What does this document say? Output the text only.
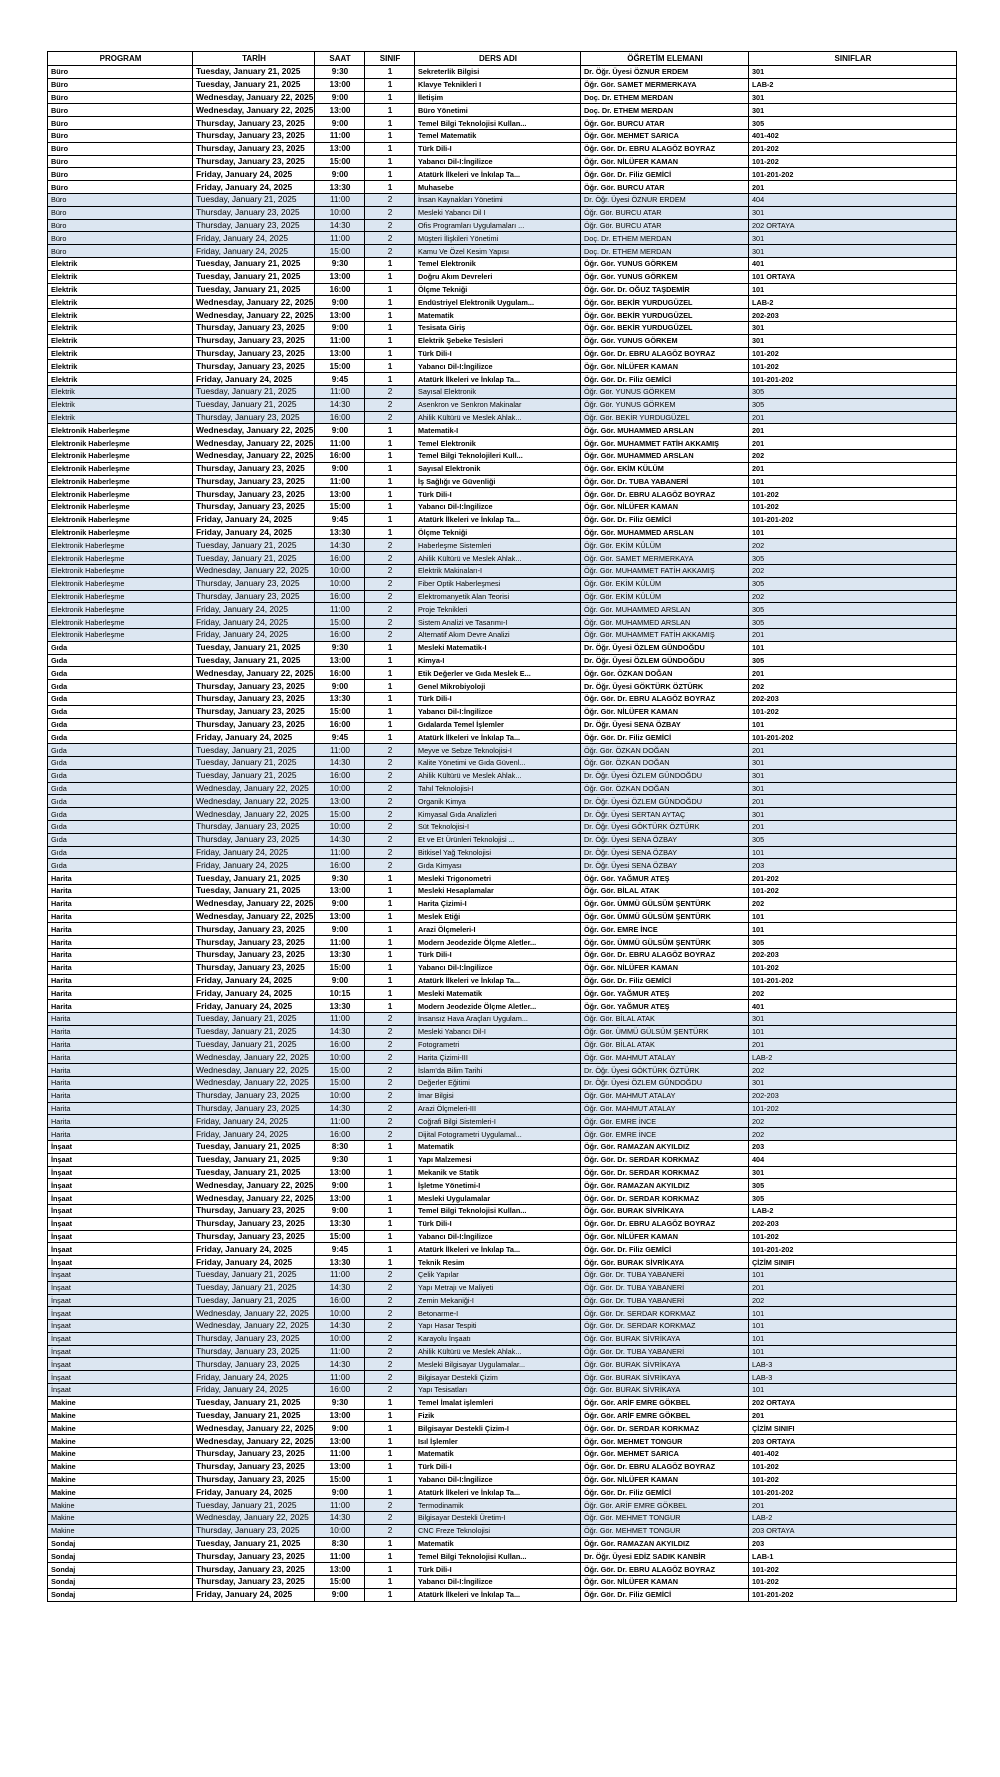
PROGRAM	TARİH	SAAT	SINIF	DERS ADI	ÖĞRETİM ELEMANI	SINIFLAR
Büro	Tuesday, January 21, 2025	9:30	1	Sekreterlik Bilgisi	Dr. Öğr. Üyesi ÖZNUR ERDEM	301
Büro	Tuesday, January 21, 2025	13:00	1	Klavye Teknikleri I	Öğr. Gör. SAMET MERMERKAYA	LAB-2
Büro	Wednesday, January 22, 2025	9:00	1	İletişim	Doç. Dr. ETHEM MERDAN	301
Büro	Wednesday, January 22, 2025	13:00	1	Büro Yönetimi	Doç. Dr. ETHEM MERDAN	301
Büro	Thursday, January 23, 2025	9:00	1	Temel Bilgi Teknolojisi Kullan...	Öğr. Gör. BURCU ATAR	305
Büro	Thursday, January 23, 2025	11:00	1	Temel Matematik	Öğr. Gör. MEHMET SARICA	401-402
Büro	Thursday, January 23, 2025	13:00	1	Türk Dili-I	Öğr. Gör. Dr. EBRU ALAGÖZ BOYRAZ	201-202
Büro	Thursday, January 23, 2025	15:00	1	Yabancı Dil-I:İngilizce	Öğr. Gör. NİLÜFER KAMAN	101-202
Büro	Friday, January 24, 2025	9:00	1	Atatürk İlkeleri ve İnkılap Ta...	Öğr. Gör. Dr. Filiz GEMİCİ	101-201-202
Büro	Friday, January 24, 2025	13:30	1	Muhasebe	Öğr. Gör. BURCU ATAR	201
Büro	Tuesday, January 21, 2025	11:00	2	İnsan Kaynakları Yönetimi	Dr. Öğr. Üyesi ÖZNUR ERDEM	404
Büro	Thursday, January 23, 2025	10:00	2	Mesleki Yabancı Dil I	Öğr. Gör. BURCU ATAR	301
Büro	Thursday, January 23, 2025	14:30	2	Ofis Programları Uygulamaları ...	Öğr. Gör. BURCU ATAR	202 ORTAYA
Büro	Friday, January 24, 2025	11:00	2	Müşteri İlişkileri Yönetimi	Doç. Dr. ETHEM MERDAN	301
Büro	Friday, January 24, 2025	15:00	2	Kamu Ve Özel Kesim Yapısı	Doç. Dr. ETHEM MERDAN	301
Elektrik	Tuesday, January 21, 2025	9:30	1	Temel Elektronik	Öğr. Gör. YUNUS GÖRKEM	401
Elektrik	Tuesday, January 21, 2025	13:00	1	Doğru Akım Devreleri	Öğr. Gör. YUNUS GÖRKEM	101 ORTAYA
Elektrik	Tuesday, January 21, 2025	16:00	1	Ölçme Tekniği	Öğr. Gör. Dr. OĞUZ TAŞDEMİR	101
Elektrik	Wednesday, January 22, 2025	9:00	1	Endüstriyel Elektronik Uygulam...	Öğr. Gör. BEKİR YURDUGÜZEL	LAB-2
Elektrik	Wednesday, January 22, 2025	13:00	1	Matematik	Öğr. Gör. BEKİR YURDUGÜZEL	202-203
Elektrik	Thursday, January 23, 2025	9:00	1	Tesisata Giriş	Öğr. Gör. BEKİR YURDUGÜZEL	301
Elektrik	Thursday, January 23, 2025	11:00	1	Elektrik Şebeke Tesisleri	Öğr. Gör. YUNUS GÖRKEM	301
Elektrik	Thursday, January 23, 2025	13:00	1	Türk Dili-I	Öğr. Gör. Dr. EBRU ALAGÖZ BOYRAZ	101-202
Elektrik	Thursday, January 23, 2025	15:00	1	Yabancı Dil-I:İngilizce	Öğr. Gör. NİLÜFER KAMAN	101-202
Elektrik	Friday, January 24, 2025	9:45	1	Atatürk İlkeleri ve İnkılap Ta...	Öğr. Gör. Dr. Filiz GEMİCİ	101-201-202
Elektrik	Tuesday, January 21, 2025	11:00	2	Sayısal Elektronik	Öğr. Gör. YUNUS GÖRKEM	305
Elektrik	Tuesday, January 21, 2025	14:30	2	Asenkron ve Senkron Makinalar	Öğr. Gör. YUNUS GÖRKEM	305
Elektrik	Thursday, January 23, 2025	16:00	2	Ahilik Kültürü ve Meslek Ahlak...	Öğr. Gör. BEKİR YURDUGÜZEL	201
Elektronik Haberleşme	Wednesday, January 22, 2025	9:00	1	Matematik-I	Öğr. Gör. MUHAMMED ARSLAN	201
Elektronik Haberleşme	Wednesday, January 22, 2025	11:00	1	Temel Elektronik	Öğr. Gör. MUHAMMET FATİH AKKAMIŞ	201
Elektronik Haberleşme	Wednesday, January 22, 2025	16:00	1	Temel Bilgi Teknolojileri Kull...	Öğr. Gör. MUHAMMED ARSLAN	202
Elektronik Haberleşme	Thursday, January 23, 2025	9:00	1	Sayısal Elektronik	Öğr. Gör. EKİM KÜLÜM	201
Elektronik Haberleşme	Thursday, January 23, 2025	11:00	1	İş Sağlığı ve Güvenliği	Öğr. Gör. Dr. TUBA YABANERİ	101
Elektronik Haberleşme	Thursday, January 23, 2025	13:00	1	Türk Dili-I	Öğr. Gör. Dr. EBRU ALAGÖZ BOYRAZ	101-202
Elektronik Haberleşme	Thursday, January 23, 2025	15:00	1	Yabancı Dil-I:İngilizce	Öğr. Gör. NİLÜFER KAMAN	101-202
Elektronik Haberleşme	Friday, January 24, 2025	9:45	1	Atatürk İlkeleri ve İnkılap Ta...	Öğr. Gör. Dr. Filiz GEMİCİ	101-201-202
Elektronik Haberleşme	Friday, January 24, 2025	13:30	1	Ölçme Tekniği	Öğr. Gör. MUHAMMED ARSLAN	101
Elektronik Haberleşme	Tuesday, January 21, 2025	14:30	2	Haberleşme Sistemleri	Öğr. Gör. EKİM KÜLÜM	202
Elektronik Haberleşme	Tuesday, January 21, 2025	16:00	2	Ahilik Kültürü ve Meslek Ahlak...	Öğr. Gör. SAMET MERMERKAYA	305
Elektronik Haberleşme	Wednesday, January 22, 2025	10:00	2	Elektrik Makinaları-I	Öğr. Gör. MUHAMMET FATİH AKKAMIŞ	202
Elektronik Haberleşme	Thursday, January 23, 2025	10:00	2	Fiber Optik Haberleşmesi	Öğr. Gör. EKİM KÜLÜM	305
Elektronik Haberleşme	Thursday, January 23, 2025	16:00	2	Elektromanyetik Alan Teorisi	Öğr. Gör. EKİM KÜLÜM	202
Elektronik Haberleşme	Friday, January 24, 2025	11:00	2	Proje Teknikleri	Öğr. Gör. MUHAMMED ARSLAN	305
Elektronik Haberleşme	Friday, January 24, 2025	15:00	2	Sistem Analizi ve Tasarımı-I	Öğr. Gör. MUHAMMED ARSLAN	305
Elektronik Haberleşme	Friday, January 24, 2025	16:00	2	Alternatif Akım Devre Analizi	Öğr. Gör. MUHAMMET FATİH AKKAMIŞ	201
Gıda	Tuesday, January 21, 2025	9:30	1	Mesleki Matematik-I	Dr. Öğr. Üyesi ÖZLEM GÜNDOĞDU	101
Gıda	Tuesday, January 21, 2025	13:00	1	Kimya-I	Dr. Öğr. Üyesi ÖZLEM GÜNDOĞDU	305
Gıda	Wednesday, January 22, 2025	16:00	1	Etik Değerler ve Gıda Meslek E...	Öğr. Gör. ÖZKAN DOĞAN	201
Gıda	Thursday, January 23, 2025	9:00	1	Genel Mikrobiyoloji	Dr. Öğr. Üyesi GÖKTÜRK ÖZTÜRK	202
Gıda	Thursday, January 23, 2025	13:30	1	Türk Dili-I	Öğr. Gör. Dr. EBRU ALAGÖZ BOYRAZ	202-203
Gıda	Thursday, January 23, 2025	15:00	1	Yabancı Dil-I:İngilizce	Öğr. Gör. NİLÜFER KAMAN	101-202
Gıda	Thursday, January 23, 2025	16:00	1	Gıdalarda Temel İşlemler	Dr. Öğr. Üyesi SENA ÖZBAY	101
Gıda	Friday, January 24, 2025	9:45	1	Atatürk İlkeleri ve İnkılap Ta...	Öğr. Gör. Dr. Filiz GEMİCİ	101-201-202
Gıda	Tuesday, January 21, 2025	11:00	2	Meyve ve Sebze Teknolojisi-I	Öğr. Gör. ÖZKAN DOĞAN	201
Gıda	Tuesday, January 21, 2025	14:30	2	Kalite Yönetimi ve Gıda Güvenl...	Öğr. Gör. ÖZKAN DOĞAN	301
Gıda	Tuesday, January 21, 2025	16:00	2	Ahilik Kültürü ve Meslek Ahlak...	Dr. Öğr. Üyesi ÖZLEM GÜNDOĞDU	301
Gıda	Wednesday, January 22, 2025	10:00	2	Tahıl Teknolojisi-I	Öğr. Gör. ÖZKAN DOĞAN	301
Gıda	Wednesday, January 22, 2025	13:00	2	Organik Kimya	Dr. Öğr. Üyesi ÖZLEM GÜNDOĞDU	201
Gıda	Wednesday, January 22, 2025	15:00	2	Kimyasal Gıda Analizleri	Dr. Öğr. Üyesi SERTAN AYTAÇ	301
Gıda	Thursday, January 23, 2025	10:00	2	Süt Teknolojisi-I	Dr. Öğr. Üyesi GÖKTÜRK ÖZTÜRK	201
Gıda	Thursday, January 23, 2025	14:30	2	Et ve Et Ürünleri Teknolojisi ...	Dr. Öğr. Üyesi SENA ÖZBAY	305
Gıda	Friday, January 24, 2025	11:00	2	Bitkisel Yağ Teknolojisi	Dr. Öğr. Üyesi SENA ÖZBAY	101
Gıda	Friday, January 24, 2025	16:00	2	Gıda Kimyası	Dr. Öğr. Üyesi SENA ÖZBAY	203
Harita	Tuesday, January 21, 2025	9:30	1	Mesleki Trigonometri	Öğr. Gör. YAĞMUR ATEŞ	201-202
Harita	Tuesday, January 21, 2025	13:00	1	Mesleki Hesaplamalar	Öğr. Gör. BİLAL ATAK	101-202
Harita	Wednesday, January 22, 2025	9:00	1	Harita Çizimi-I	Öğr. Gör. ÜMMÜ GÜLSÜM ŞENTÜRK	202
Harita	Wednesday, January 22, 2025	13:00	1	Meslek Etiği	Öğr. Gör. ÜMMÜ GÜLSÜM ŞENTÜRK	101
Harita	Thursday, January 23, 2025	9:00	1	Arazi Ölçmeleri-I	Öğr. Gör. EMRE İNCE	101
Harita	Thursday, January 23, 2025	11:00	1	Modern Jeodezide Ölçme Aletler...	Öğr. Gör. ÜMMÜ GÜLSÜM ŞENTÜRK	305
Harita	Thursday, January 23, 2025	13:30	1	Türk Dili-I	Öğr. Gör. Dr. EBRU ALAGÖZ BOYRAZ	202-203
Harita	Thursday, January 23, 2025	15:00	1	Yabancı Dil-I:İngilizce	Öğr. Gör. NİLÜFER KAMAN	101-202
Harita	Friday, January 24, 2025	9:00	1	Atatürk İlkeleri ve İnkılap Ta...	Öğr. Gör. Dr. Filiz GEMİCİ	101-201-202
Harita	Friday, January 24, 2025	10:15	1	Mesleki Matematik	Öğr. Gör. YAĞMUR ATEŞ	202
Harita	Friday, January 24, 2025	13:30	1	Modern Jeodezide Ölçme Aletler...	Öğr. Gör. YAĞMUR ATEŞ	401
Harita	Tuesday, January 21, 2025	11:00	2	İnsansız Hava Araçları Uygulam...	Öğr. Gör. BİLAL ATAK	301
Harita	Tuesday, January 21, 2025	14:30	2	Mesleki Yabancı Dil-I	Öğr. Gör. ÜMMÜ GÜLSÜM ŞENTÜRK	101
Harita	Tuesday, January 21, 2025	16:00	2	Fotogrametri	Öğr. Gör. BİLAL ATAK	201
Harita	Wednesday, January 22, 2025	10:00	2	Harita Çizimi-III	Öğr. Gör. MAHMUT ATALAY	LAB-2
Harita	Wednesday, January 22, 2025	15:00	2	İslam'da Bilim Tarihi	Dr. Öğr. Üyesi GÖKTÜRK ÖZTÜRK	202
Harita	Wednesday, January 22, 2025	15:00	2	Değerler Eğitimi	Dr. Öğr. Üyesi ÖZLEM GÜNDOĞDU	301
Harita	Thursday, January 23, 2025	10:00	2	İmar Bilgisi	Öğr. Gör. MAHMUT ATALAY	202-203
Harita	Thursday, January 23, 2025	14:30	2	Arazi Ölçmeleri-III	Öğr. Gör. MAHMUT ATALAY	101-202
Harita	Friday, January 24, 2025	11:00	2	Coğrafi Bilgi Sistemleri-I	Öğr. Gör. EMRE İNCE	202
Harita	Friday, January 24, 2025	16:00	2	Dijital Fotogrametri Uygulamal...	Öğr. Gör. EMRE İNCE	202
İnşaat	Tuesday, January 21, 2025	8:30	1	Matematik	Öğr. Gör. RAMAZAN AKYILDIZ	203
İnşaat	Tuesday, January 21, 2025	9:30	1	Yapı Malzemesi	Öğr. Gör. Dr. SERDAR KORKMAZ	404
İnşaat	Tuesday, January 21, 2025	13:00	1	Mekanik ve Statik	Öğr. Gör. Dr. SERDAR KORKMAZ	301
İnşaat	Wednesday, January 22, 2025	9:00	1	İşletme Yönetimi-I	Öğr. Gör. RAMAZAN AKYILDIZ	305
İnşaat	Wednesday, January 22, 2025	13:00	1	Mesleki Uygulamalar	Öğr. Gör. Dr. SERDAR KORKMAZ	305
İnşaat	Thursday, January 23, 2025	9:00	1	Temel Bilgi Teknolojisi Kullan...	Öğr. Gör. BURAK SİVRİKAYA	LAB-2
İnşaat	Thursday, January 23, 2025	13:30	1	Türk Dili-I	Öğr. Gör. Dr. EBRU ALAGÖZ BOYRAZ	202-203
İnşaat	Thursday, January 23, 2025	15:00	1	Yabancı Dil-I:İngilizce	Öğr. Gör. NİLÜFER KAMAN	101-202
İnşaat	Friday, January 24, 2025	9:45	1	Atatürk İlkeleri ve İnkılap Ta...	Öğr. Gör. Dr. Filiz GEMİCİ	101-201-202
İnşaat	Friday, January 24, 2025	13:30	1	Teknik Resim	Öğr. Gör. BURAK SİVRİKAYA	ÇİZİM SINIFI
İnşaat	Tuesday, January 21, 2025	11:00	2	Çelik Yapılar	Öğr. Gör. Dr. TUBA YABANERİ	101
İnşaat	Tuesday, January 21, 2025	14:30	2	Yapı Metrajı ve Maliyeti	Öğr. Gör. Dr. TUBA YABANERİ	201
İnşaat	Tuesday, January 21, 2025	16:00	2	Zemin Mekaniği-I	Öğr. Gör. Dr. TUBA YABANERİ	202
İnşaat	Wednesday, January 22, 2025	10:00	2	Betonarme-I	Öğr. Gör. Dr. SERDAR KORKMAZ	101
İnşaat	Wednesday, January 22, 2025	14:30	2	Yapı Hasar Tespiti	Öğr. Gör. Dr. SERDAR KORKMAZ	101
İnşaat	Thursday, January 23, 2025	10:00	2	Karayolu İnşaatı	Öğr. Gör. BURAK SİVRİKAYA	101
İnşaat	Thursday, January 23, 2025	11:00	2	Ahilik Kültürü ve Meslek Ahlak...	Öğr. Gör. Dr. TUBA YABANERİ	101
İnşaat	Thursday, January 23, 2025	14:30	2	Mesleki Bilgisayar Uygulamalar...	Öğr. Gör. BURAK SİVRİKAYA	LAB-3
İnşaat	Friday, January 24, 2025	11:00	2	Bilgisayar Destekli Çizim	Öğr. Gör. BURAK SİVRİKAYA	LAB-3
İnşaat	Friday, January 24, 2025	16:00	2	Yapı Tesisatları	Öğr. Gör. BURAK SİVRİKAYA	101
Makine	Tuesday, January 21, 2025	9:30	1	Temel İmalat işlemleri	Öğr. Gör. ARİF EMRE GÖKBEL	202 ORTAYA
Makine	Tuesday, January 21, 2025	13:00	1	Fizik	Öğr. Gör. ARİF EMRE GÖKBEL	201
Makine	Wednesday, January 22, 2025	9:00	1	Bilgisayar Destekli Çizim-I	Öğr. Gör. Dr. SERDAR KORKMAZ	ÇİZİM SINIFI
Makine	Wednesday, January 22, 2025	13:00	1	Isıl İşlemler	Öğr. Gör. MEHMET TONGUR	203 ORTAYA
Makine	Thursday, January 23, 2025	11:00	1	Matematik	Öğr. Gör. MEHMET SARICA	401-402
Makine	Thursday, January 23, 2025	13:00	1	Türk Dili-I	Öğr. Gör. Dr. EBRU ALAGÖZ BOYRAZ	101-202
Makine	Thursday, January 23, 2025	15:00	1	Yabancı Dil-I:İngilizce	Öğr. Gör. NİLÜFER KAMAN	101-202
Makine	Friday, January 24, 2025	9:00	1	Atatürk İlkeleri ve İnkılap Ta...	Öğr. Gör. Dr. Filiz GEMİCİ	101-201-202
Makine	Tuesday, January 21, 2025	11:00	2	Termodinamik	Öğr. Gör. ARİF EMRE GÖKBEL	201
Makine	Wednesday, January 22, 2025	14:30	2	Bilgisayar Destekli Üretim-I	Öğr. Gör. MEHMET TONGUR	LAB-2
Makine	Thursday, January 23, 2025	10:00	2	CNC Freze Teknolojisi	Öğr. Gör. MEHMET TONGUR	203 ORTAYA
Sondaj	Tuesday, January 21, 2025	8:30	1	Matematik	Öğr. Gör. RAMAZAN AKYILDIZ	203
Sondaj	Thursday, January 23, 2025	11:00	1	Temel Bilgi Teknolojisi Kullan...	Dr. Öğr. Üyesi EDİZ SADIK KANBİR	LAB-1
Sondaj	Thursday, January 23, 2025	13:00	1	Türk Dili-I	Öğr. Gör. Dr. EBRU ALAGÖZ BOYRAZ	101-202
Sondaj	Thursday, January 23, 2025	15:00	1	Yabancı Dil-I:İngilizce	Öğr. Gör. NİLÜFER KAMAN	101-202
Sondaj	Friday, January 24, 2025	9:00	1	Atatürk İlkeleri ve İnkılap Ta...	Öğr. Gör. Dr. Filiz GEMİCİ	101-201-202
